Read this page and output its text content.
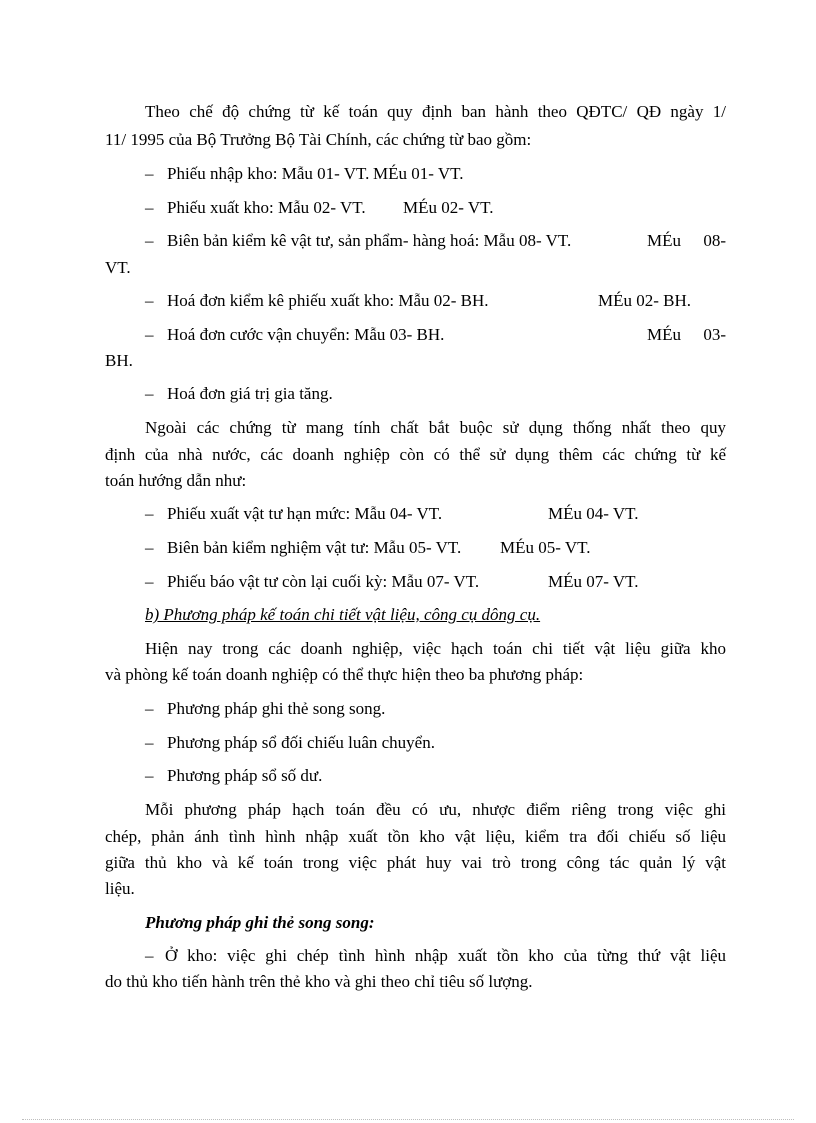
Theo chế độ chứng từ kế toán quy định ban hành theo QĐTC/ QĐ ngày 1/
11/ 1995 của Bộ Trưởng Bộ Tài Chính, các chứng từ bao gồm:
– Phiếu nhập kho: Mẫu 01- VT. MÉu 01- VT.
– Phiếu xuất kho: Mẫu 02- VT. MÉu 02- VT.
– Biên bản kiểm kê vật tư, sản phẩm- hàng hoá: Mẫu 08- VT.	MÉu 08-
VT.
– Hoá đơn kiểm kê phiếu xuất kho: Mẫu 02- BH.	MÉu 02- BH.
– Hoá đơn cước vận chuyển: Mẫu 03- BH.	MÉu 03-
BH.
– Hoá đơn giá trị gia tăng.
Ngoài các chứng từ mang tính chất bắt buộc sử dụng thống nhất theo quy
định của nhà nước, các doanh nghiệp còn có thể sử dụng thêm các chứng từ kế
toán hướng dẫn như:
– Phiếu xuất vật tư hạn mức: Mẫu 04- VT.	MÉu 04- VT.
– Biên bản kiểm nghiệm vật tư: Mẫu 05- VT. MÉu 05- VT.
– Phiếu báo vật tư còn lại cuối kỳ: Mẫu 07- VT.	MÉu 07- VT.
b) Phương pháp kế toán chi tiết vật liệu, công cụ dông cụ.
Hiện nay trong các doanh nghiệp, việc hạch toán chi tiết vật liệu giữa kho
và phòng kế toán doanh nghiệp có thể thực hiện theo ba phương pháp:
– Phương pháp ghi thẻ song song.
– Phương pháp sổ đối chiếu luân chuyển.
– Phương pháp sổ số dư.
Mỗi phương pháp hạch toán đều có ưu, nhược điểm riêng trong việc ghi
chép, phản ánh tình hình nhập xuất tồn kho vật liệu, kiểm tra đối chiếu số liệu
giữa thủ kho và kế toán trong việc phát huy vai trò trong công tác quản lý vật
liệu.
Phương pháp ghi thẻ song song:
– Ở kho: việc ghi chép tình hình nhập xuất tồn kho của từng thứ vật liệu
do thủ kho tiến hành trên thẻ kho và ghi theo chỉ tiêu số lượng.
